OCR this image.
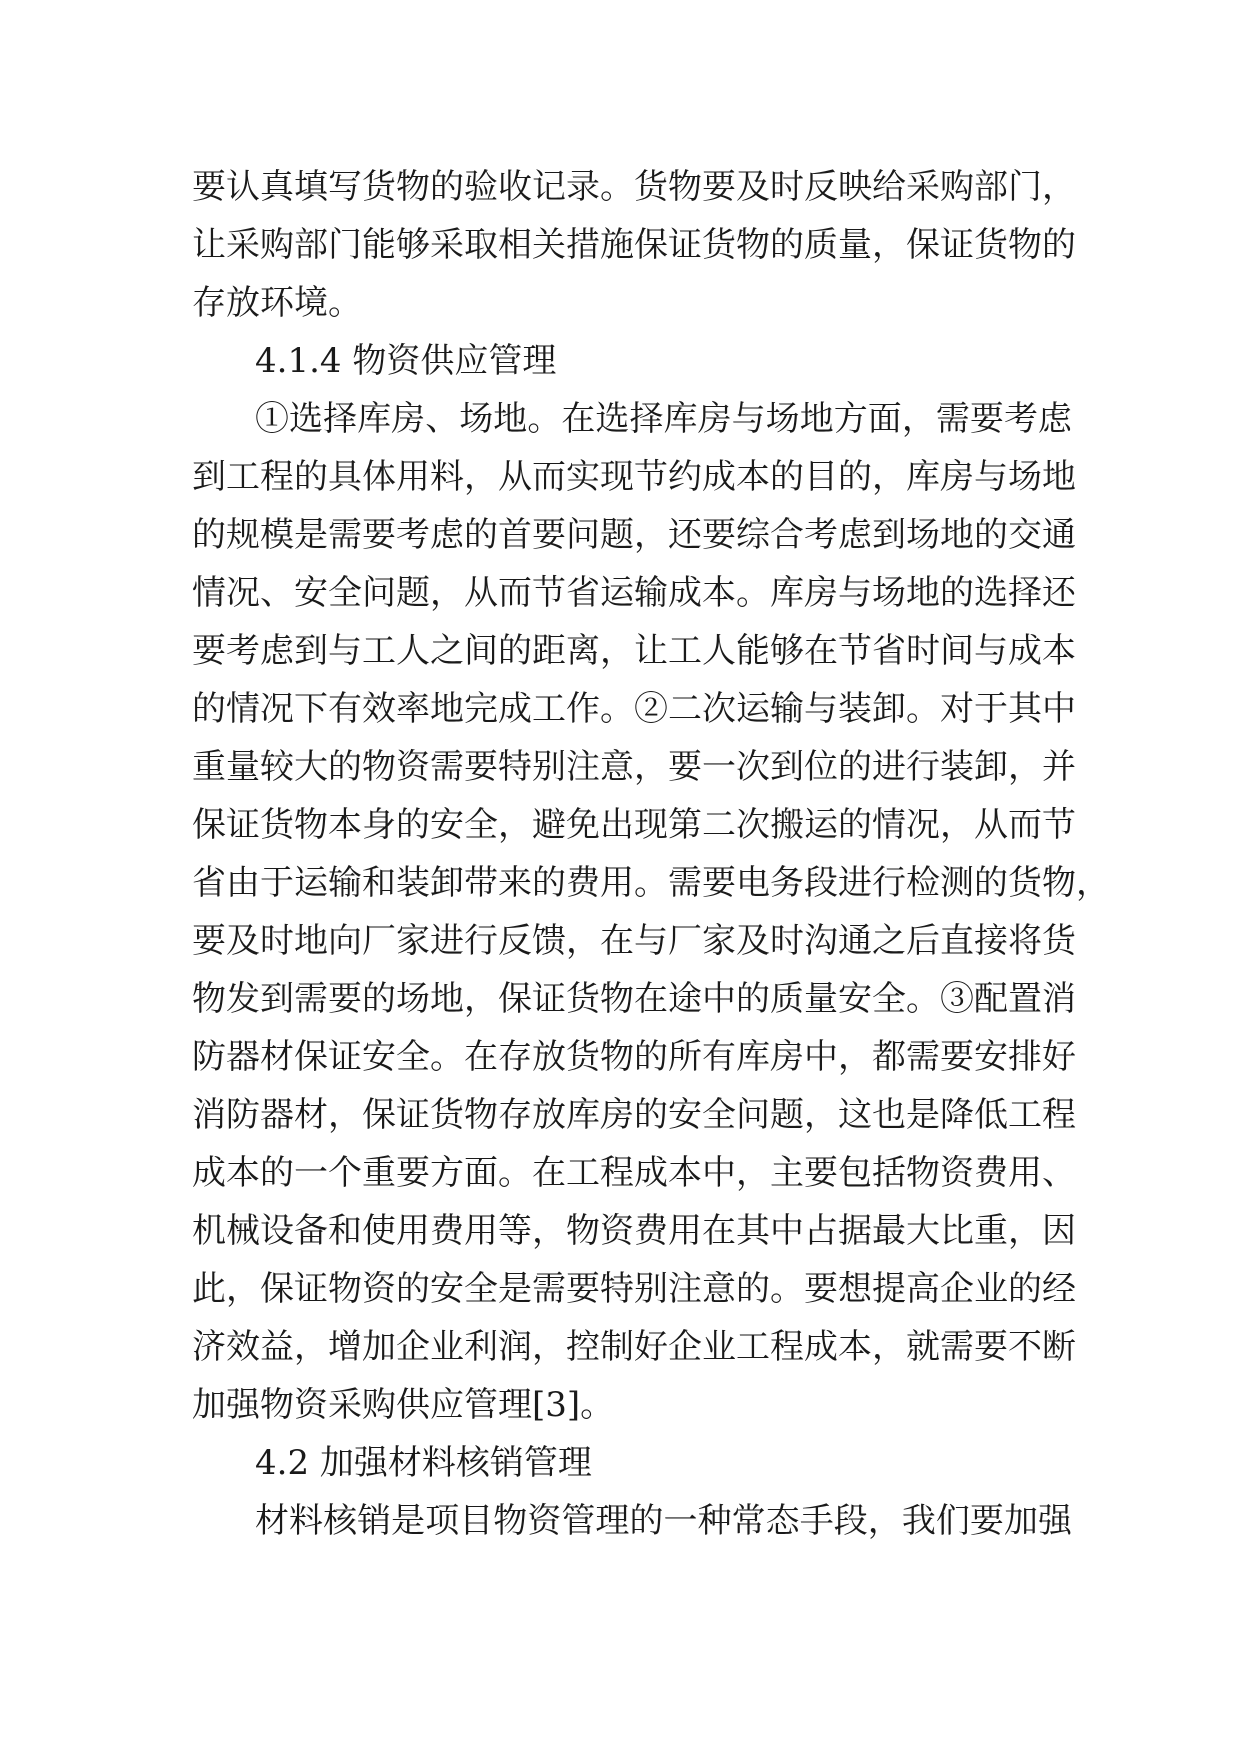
要认真填写货物的验收记录。货物要及时反映给采购部门，
让采购部门能够采取相关措施保证货物的质量，保证货物的
存放环境。
4.1.4 物资供应管理
①选择库房、场地。在选择库房与场地方面，需要考虑
到工程的具体用料，从而实现节约成本的目的，库房与场地
的规模是需要考虑的首要问题，还要综合考虑到场地的交通
情况、安全问题，从而节省运输成本。库房与场地的选择还
要考虑到与工人之间的距离，让工人能够在节省时间与成本
的情况下有效率地完成工作。②二次运输与装卸。对于其中
重量较大的物资需要特别注意，要一次到位的进行装卸，并
保证货物本身的安全，避免出现第二次搬运的情况，从而节
省由于运输和装卸带来的费用。需要电务段进行检测的货物，
要及时地向厂家进行反馈，在与厂家及时沟通之后直接将货
物发到需要的场地，保证货物在途中的质量安全。③配置消
防器材保证安全。在存放货物的所有库房中，都需要安排好
消防器材，保证货物存放库房的安全问题，这也是降低工程
成本的一个重要方面。在工程成本中，主要包括物资费用、
机械设备和使用费用等，物资费用在其中占据最大比重，因
此，保证物资的安全是需要特别注意的。要想提高企业的经
济效益，增加企业利润，控制好企业工程成本，就需要不断
加强物资采购供应管理[3]。
4.2 加强材料核销管理
材料核销是项目物资管理的一种常态手段，我们要加强
